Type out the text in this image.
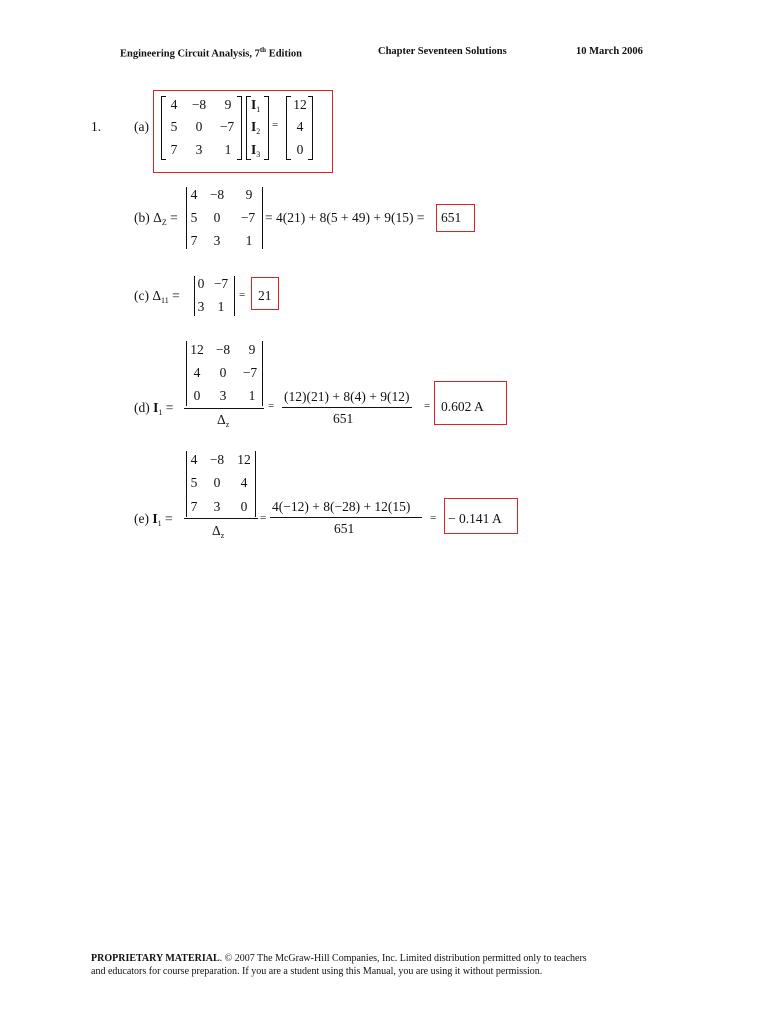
Engineering Circuit Analysis, 7th Edition	Chapter Seventeen Solutions	10 March 2006
1. (a)
4	−8	9
5	0	−7
7	3	1
$I_1$
$I_2$
$I_3$
=
12
4
0
(b) $\Delta_Z$ =
4 −8	9
5	0	−7
7	3	1
= 4(21) + 8(5 + 49) + 9(15) = 651
(c) $\Delta_{11}$ =
0 −7
3 1
= 21
(d) $I_1$ =
12 −8	9
4	0	−7
0	3	1
$\Delta_z$
=
(12)(21) + 8(4) + 9(12)
651
= 0.602 A
(e) $I_1$ =
4 −8 12
5	0	4
7	3	0
$\Delta_z$
=
4(−12) + 8(−28) + 12(15)
651
= − 0.141 A
PROPRIETARY MATERIAL. © 2007 The McGraw-Hill Companies, Inc. Limited distribution permitted only to teachers
and educators for course preparation. If you are a student using this Manual, you are using it without permission.
